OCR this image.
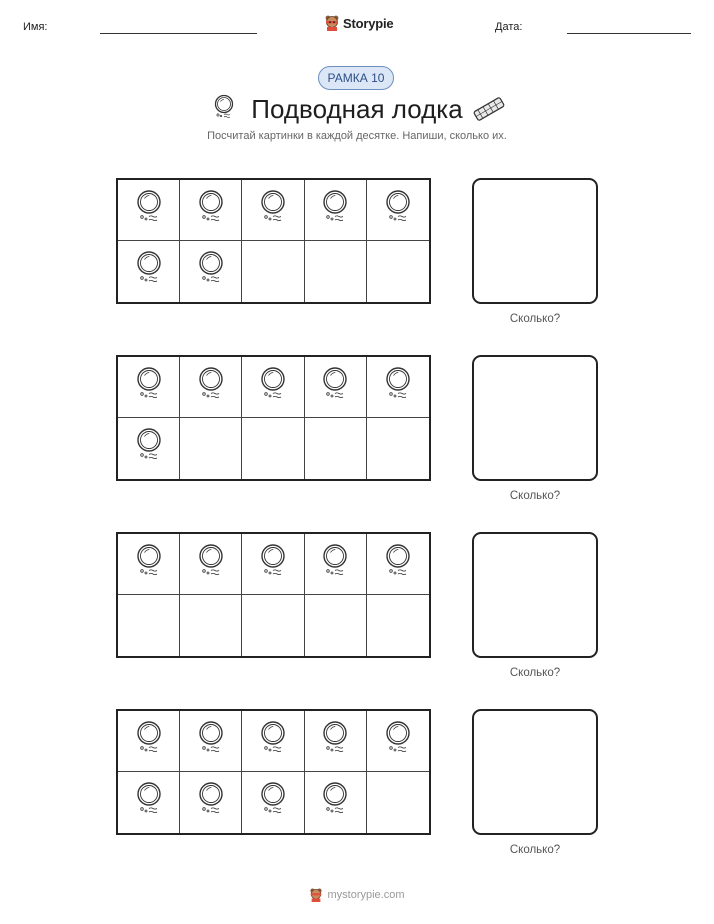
Имя:	Storypie	Дата:
РАМКА 10
Подводная лодка
Посчитай картинки в каждой десятке. Напиши, сколько их.
Сколько?
Сколько?
Сколько?
Сколько?
mystorypie.com
